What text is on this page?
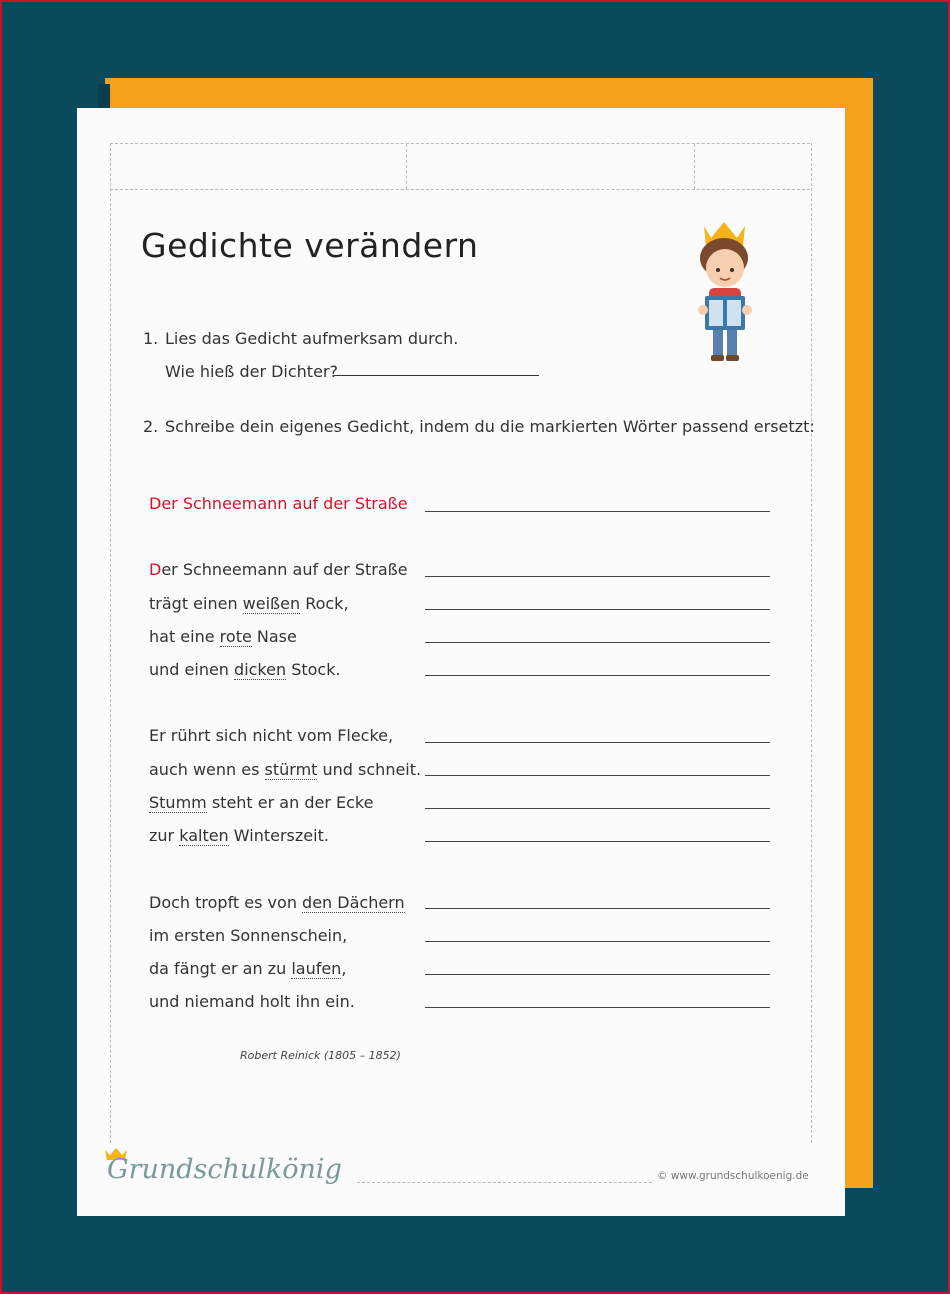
Gedichte verändern
1. Lies das Gedicht aufmerksam durch.
Wie hieß der Dichter?
2. Schreibe dein eigenes Gedicht, indem du die markierten Wörter passend ersetzt:
Der Schneemann auf der Straße
Der Schneemann auf der Straße
trägt einen weißen Rock,
hat eine rote Nase
und einen dicken Stock.
Er rührt sich nicht vom Flecke,
auch wenn es stürmt und schneit.
Stumm steht er an der Ecke
zur kalten Winterszeit.
Doch tropft es von den Dächern
im ersten Sonnenschein,
da fängt er an zu laufen,
und niemand holt ihn ein.
Robert Reinick (1805 – 1852)
Grundschulkönig	© www.grundschulkoenig.de
